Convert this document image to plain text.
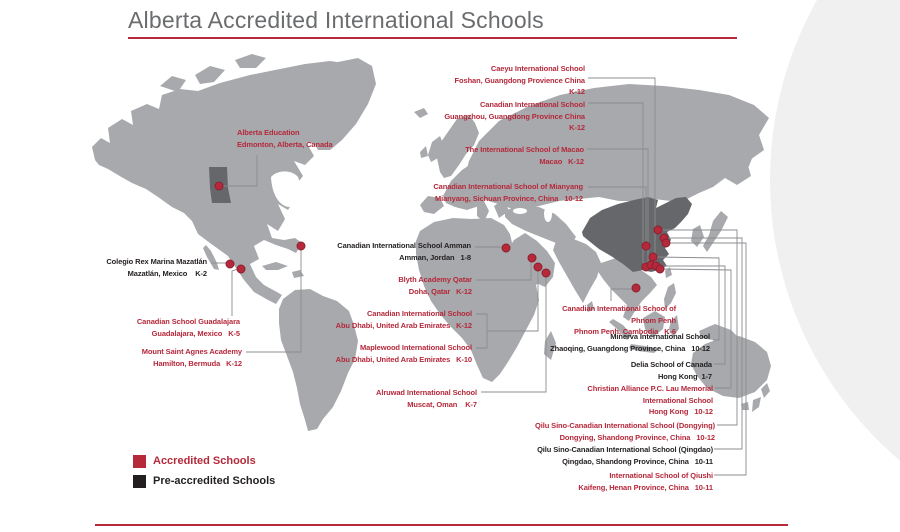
Alberta Education
Edmonton, Alberta, Canada
Caeyu International School
Foshan, Guangdong Provience China
K-12
Canadian International School
Guangzhou, Guangdong Province China
K-12
The International School of Macao
Macao   K-12
Canadian International School of Mianyang
Mianyang, Sichuan Province, China   10-12
Canadian International School Amman
Amman, Jordan   1-8
Blyth Academy Qatar
Doha, Qatar   K-12
Canadian International School
Abu Dhabi, United Arab Emirates   K-12
Maplewood International School
Abu Dhabi, United Arab Emirates   K-10
Alruwad International School
Muscat, Oman    K-7
Colegio Rex Marina Mazatlán
Mazatlán, Mexico    K-2
Canadian School Guadalajara
Guadalajara, Mexico   K-5
Mount Saint Agnes Academy
Hamilton, Bermuda   K-12
Canadian International School of
Phnom Penh
Phnom Penh, Cambodia   K-6
Minerva International School
Zhaoqing, Guangdong Province, China   10-12
Delia School of Canada
Hong Kong  1-7
Christian Alliance P.C. Lau Memorial
International School
Hong Kong   10-12
Qilu Sino-Canadian International School (Dongying)
Dongying, Shandong Province, China   10-12
Qilu Sino-Canadian International School (Qingdao)
Qingdao, Shandong Province, China   10-11
International School of Qiushi
Kaifeng, Henan Province, China   10-11
Alberta Accredited International Schools
Accredited Schools
Pre-accredited Schools
